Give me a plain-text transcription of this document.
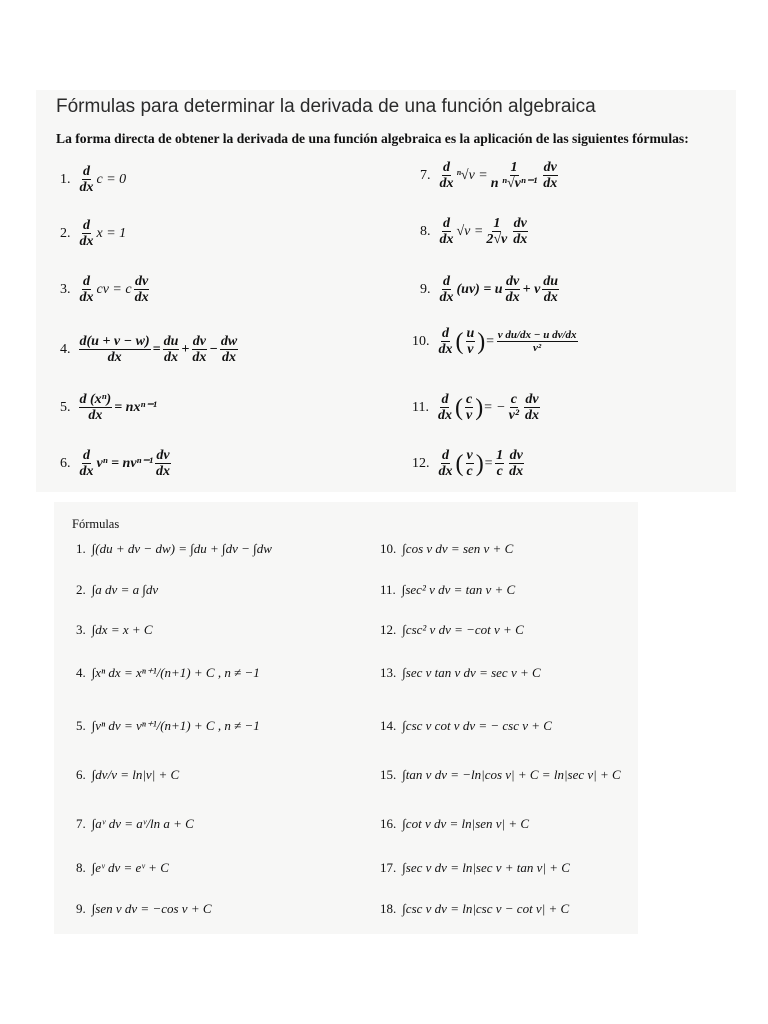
Fórmulas para determinar la derivada de una función algebraica
La forma directa de obtener la derivada de una función algebraica es la aplicación de las siguientes fórmulas:
1.
d
dx
c = 0
2.
d
dx
x = 1
3.
d
dx
cv = c
dv
dx
4. $\frac{d(u + v - w)}{dx} = \frac{du}{dx} + \frac{dv}{dx} - \frac{dw}{dx}$
5. $\frac{\text{d (xⁿ)}}{dx} = nx^{n-1}$
6.
d
dx
vⁿ = nvⁿ⁻¹
dv
dx
7.
d
dx
$^n√v = \frac{1}{\text{n ⁿ√vⁿ⁻¹}}$ dv
dx
8.
d
dx
$√v = \frac{1}{2√v}$ dv
dx
9.
d
dx
(uv) = u
dv
dx
+ v
du
dx
10.
d
dx ( u
v ) = $\frac{\text{v du/dx − u dv/dx}}{\text{v²}}$
11.
d
dx ( c
v ) = − $\frac{c}{\text{v²}}$ dv
dx
12.
d
dx ( v
c ) = $\frac{1}{c}$ dv
dx
Fórmulas
1. ∫(du + dv − dw) = ∫du + ∫dv − ∫dw
2. ∫a dv = a ∫dv
3. ∫dx = x + C
4. ∫xⁿ dx = xⁿ⁺¹/(n+1) + C , n ≠ −1
5. ∫vⁿ dv = vⁿ⁺¹/(n+1) + C , n ≠ −1
6. ∫dv/v = ln|v| + C
7. ∫aᵛ dv = aᵛ/ln a + C
8. ∫eᵛ dv = eᵛ + C
9. ∫sen v dv = −cos v + C
10. ∫cos v dv = sen v + C
11. ∫sec² v dv = tan v + C
12. ∫csc² v dv = −cot v + C
13. ∫sec v tan v dv = sec v + C
14. ∫csc v cot v dv = − csc v + C
15. ∫tan v dv = −ln|cos v| + C = ln|sec v| + C
16. ∫cot v dv = ln|sen v| + C
17. ∫sec v dv = ln|sec v + tan v| + C
18. ∫csc v dv = ln|csc v − cot v| + C
